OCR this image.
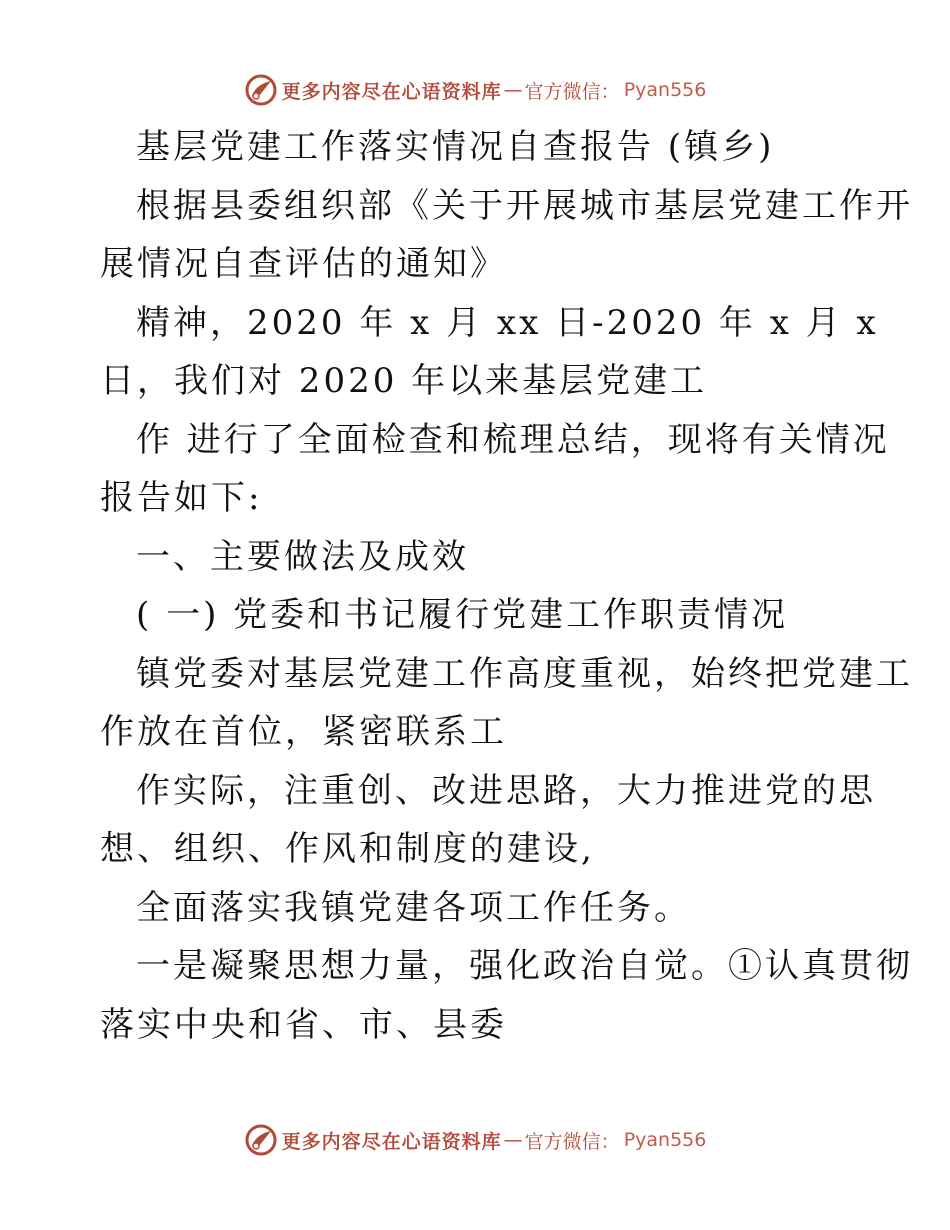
更多内容尽在心语资料库 — 官方微信： Pyan556
基层党建工作落实情况自查报告 (镇乡)
根据县委组织部《关于开展城市基层党建工作开
展情况自查评估的通知》
精神，2020 年 x 月 xx 日-2020 年 x 月 x
日，我们对 2020 年以来基层党建工
作 进行了全面检查和梳理总结，现将有关情况
报告如下:
一、主要做法及成效
( 一) 党委和书记履行党建工作职责情况
镇党委对基层党建工作高度重视，始终把党建工
作放在首位，紧密联系工
作实际，注重创、改进思路，大力推进党的思
想、组织、作风和制度的建设,
全面落实我镇党建各项工作任务。
一是凝聚思想力量，强化政治自觉。①认真贯彻
落实中央和省、市、县委
更多内容尽在心语资料库 — 官方微信： Pyan556
